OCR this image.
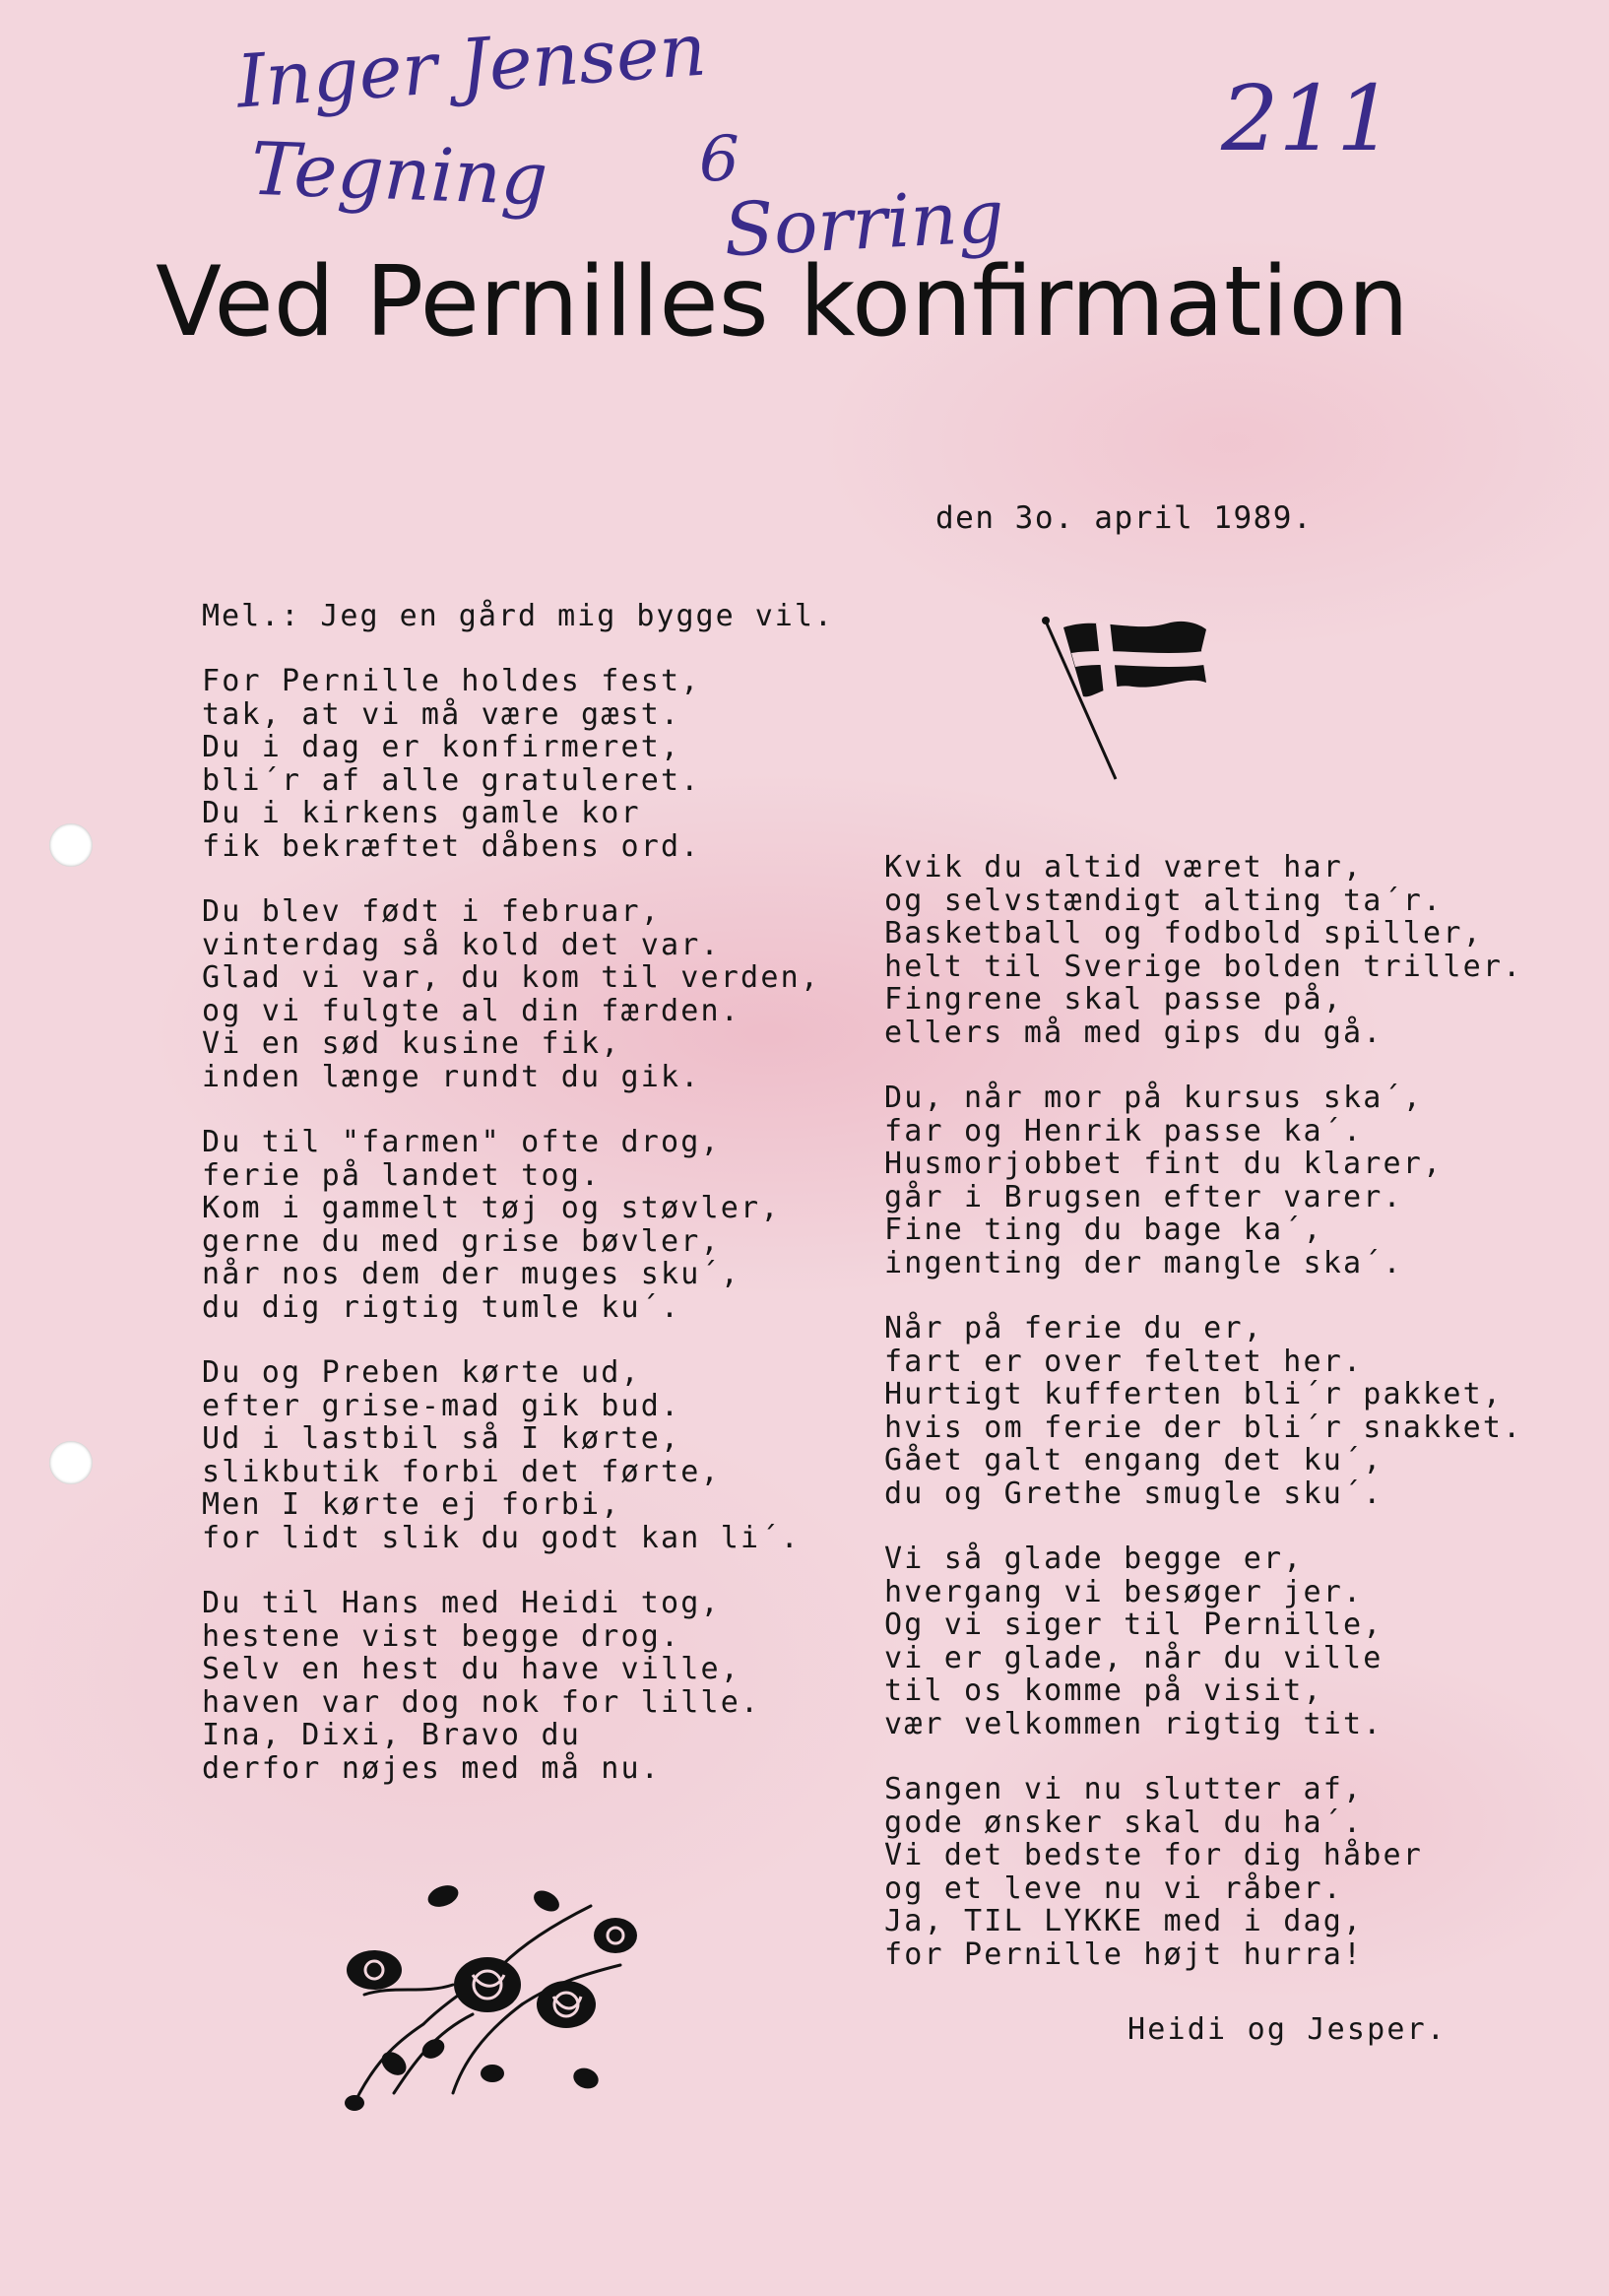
Inger Jensen
Tegning 6
Sorring
211
Ved Pernilles konfirmation
den 3o. april 1989.
Mel.: Jeg en gård mig bygge vil.
For Pernille holdes fest,
tak, at vi må være gæst.
Du i dag er konfirmeret,
bli´r af alle gratuleret.
Du i kirkens gamle kor
fik bekræftet dåbens ord.
Du blev født i februar,
vinterdag så kold det var.
Glad vi var, du kom til verden,
og vi fulgte al din færden.
Vi en sød kusine fik,
inden længe rundt du gik.
Du til "farmen" ofte drog,
ferie på landet tog.
Kom i gammelt tøj og støvler,
gerne du med grise bøvler,
når nos dem der muges sku´,
du dig rigtig tumle ku´.
Du og Preben kørte ud,
efter grise-mad gik bud.
Ud i lastbil så I kørte,
slikbutik forbi det førte,
Men I kørte ej forbi,
for lidt slik du godt kan li´.
Du til Hans med Heidi tog,
hestene vist begge drog.
Selv en hest du have ville,
haven var dog nok for lille.
Ina, Dixi, Bravo du
derfor nøjes med må nu.
Kvik du altid været har,
og selvstændigt alting ta´r.
Basketball og fodbold spiller,
helt til Sverige bolden triller.
Fingrene skal passe på,
ellers må med gips du gå.
Du, når mor på kursus ska´,
far og Henrik passe ka´.
Husmorjobbet fint du klarer,
går i Brugsen efter varer.
Fine ting du bage ka´,
ingenting der mangle ska´.
Når på ferie du er,
fart er over feltet her.
Hurtigt kufferten bli´r pakket,
hvis om ferie der bli´r snakket.
Gået galt engang det ku´,
du og Grethe smugle sku´.
Vi så glade begge er,
hvergang vi besøger jer.
Og vi siger til Pernille,
vi er glade, når du ville
til os komme på visit,
vær velkommen rigtig tit.
Sangen vi nu slutter af,
gode ønsker skal du ha´.
Vi det bedste for dig håber
og et leve nu vi råber.
Ja, TIL LYKKE med i dag,
for Pernille højt hurra!
Heidi og Jesper.
